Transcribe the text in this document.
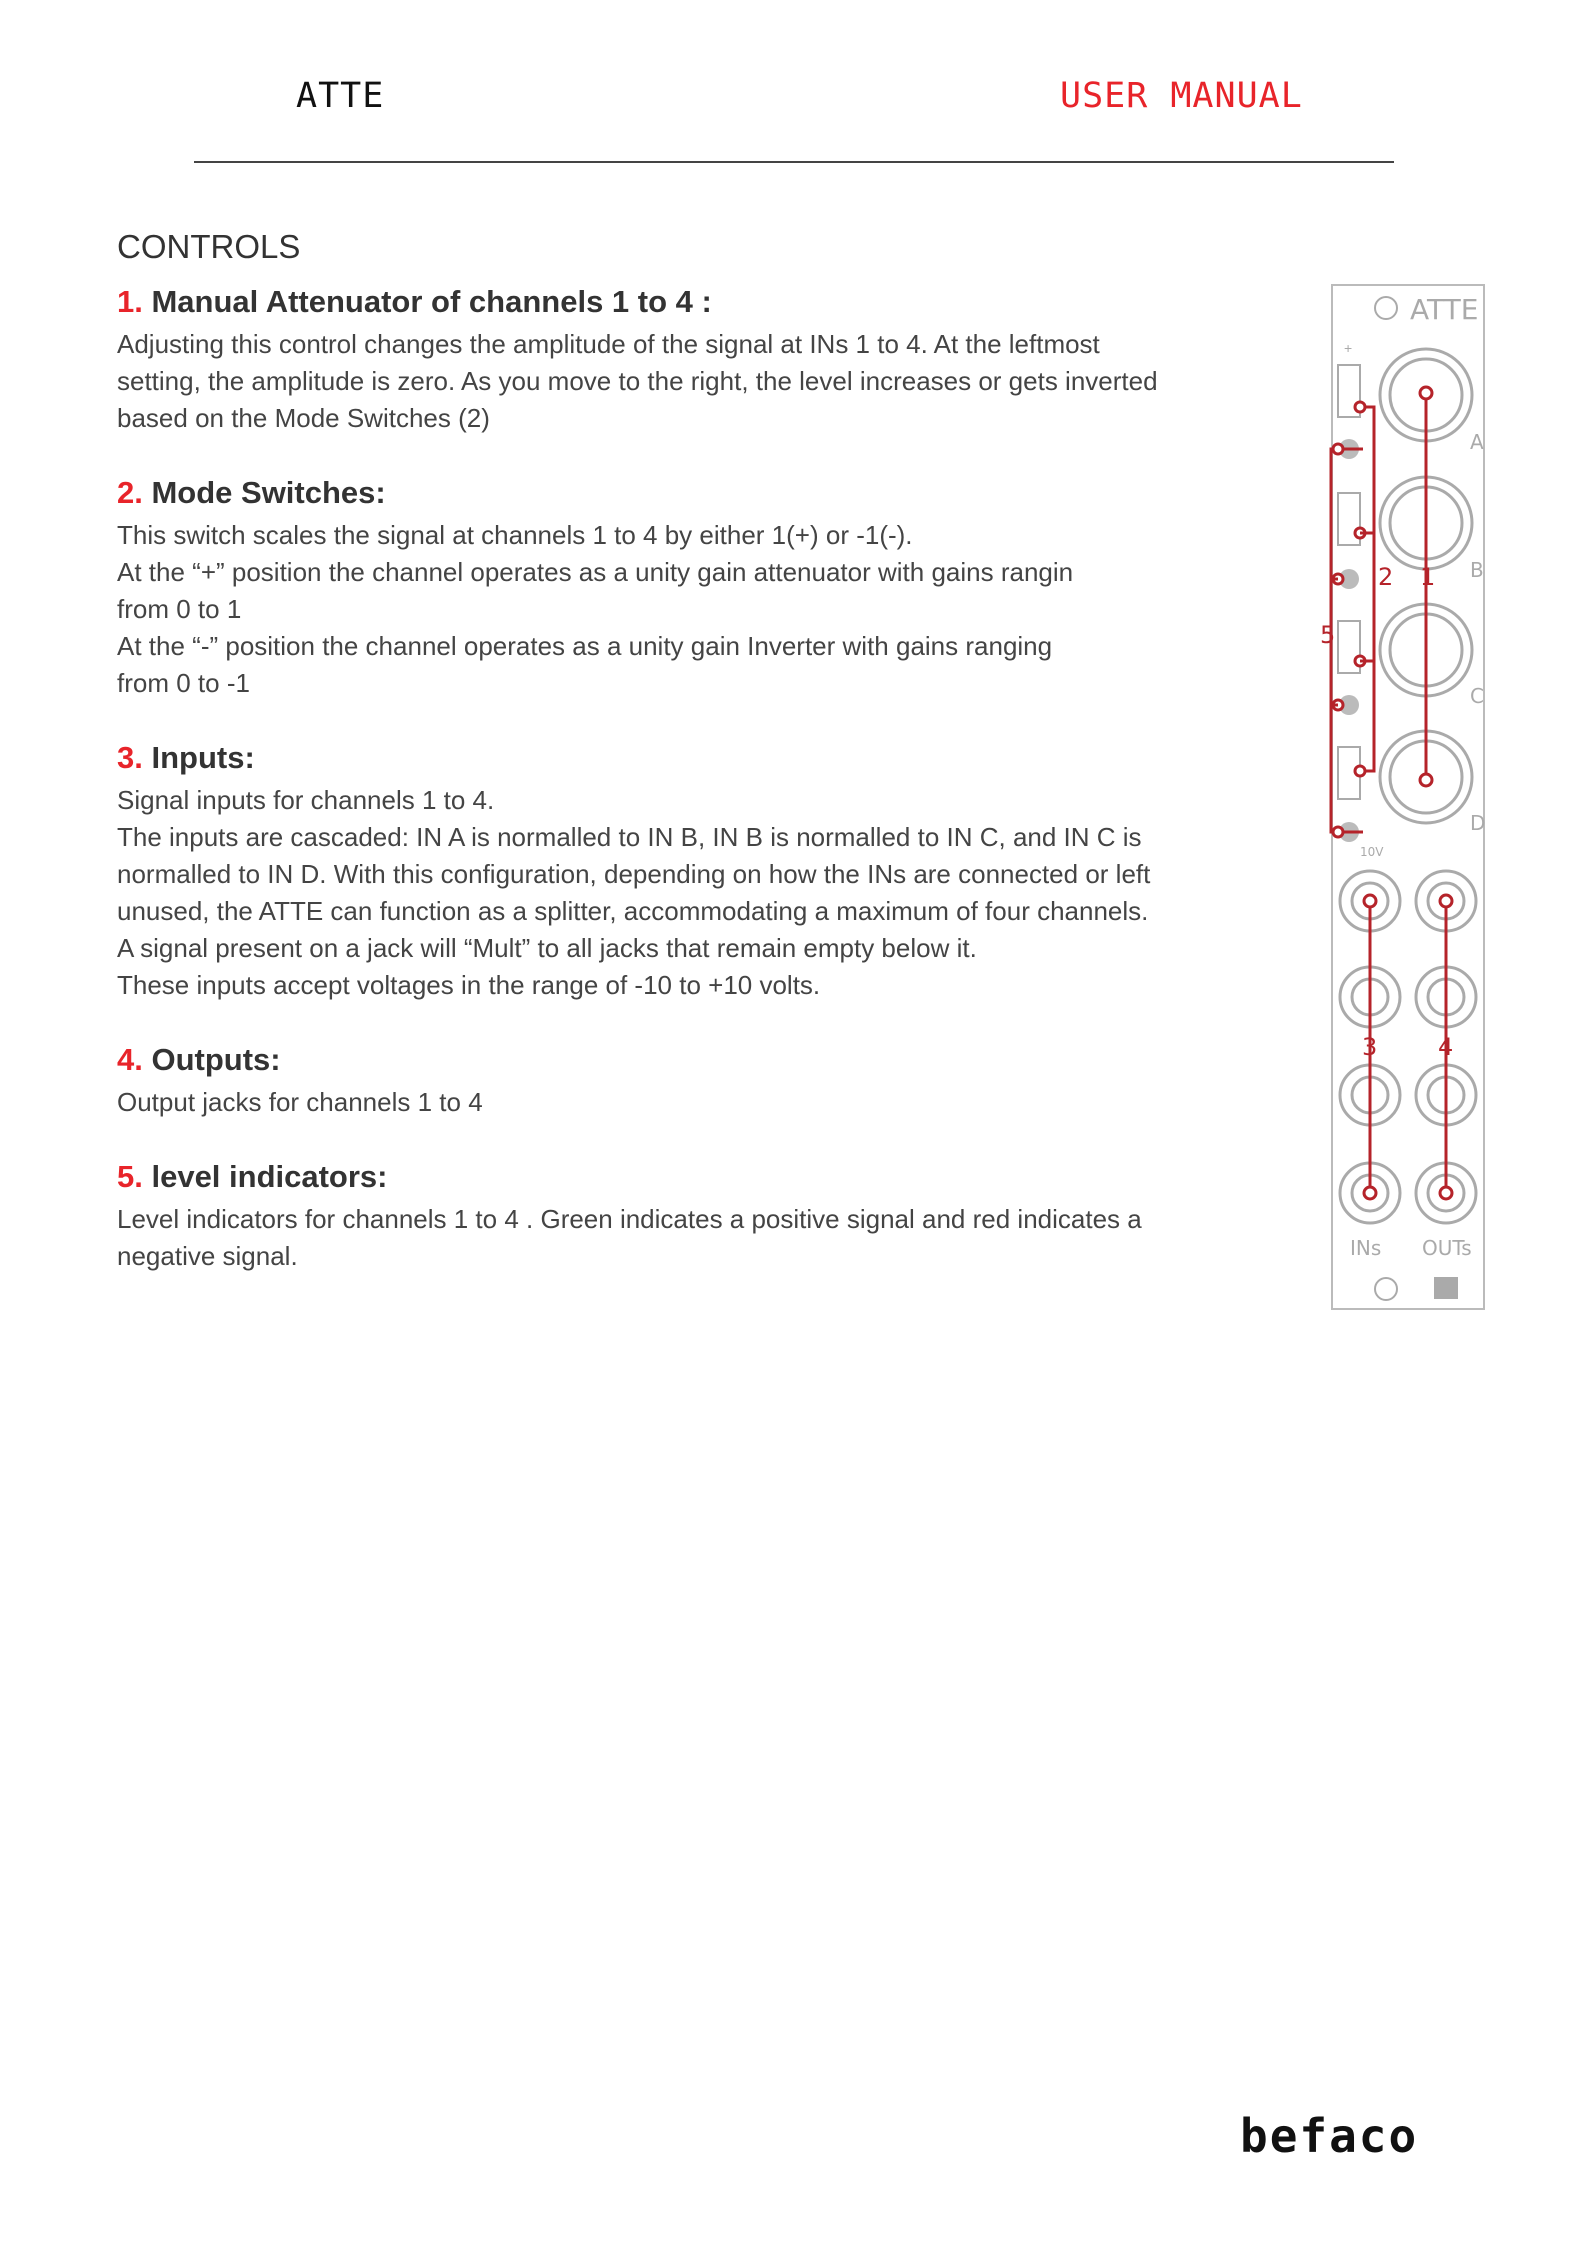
ATTE	USER MANUAL
CONTROLS
1. Manual Attenuator of channels 1 to 4 :
Adjusting this control changes the amplitude of the signal at INs 1 to 4. At the leftmost
setting, the amplitude is zero. As you move to the right, the level increases or gets inverted
based on the Mode Switches (2)
2. Mode Switches:
This switch scales the signal at channels 1 to 4 by either 1(+) or -1(-).
At the “+” position the channel operates as a unity gain attenuator with gains rangin
from 0 to 1
At the “-” position the channel operates as a unity gain Inverter with gains ranging
from 0 to -1
3. Inputs:
Signal inputs for channels 1 to 4.
The inputs are cascaded: IN A is normalled to IN B, IN B is normalled to IN C, and IN C is
normalled to IN D. With this configuration, depending on how the INs are connected or left
unused, the ATTE can function as a splitter, accommodating a maximum of four channels.
A signal present on a jack will “Mult” to all jacks that remain empty below it.
These inputs accept voltages in the range of -10 to +10 volts.
4. Outputs:
Output jacks for channels 1 to 4
5. level indicators:
Level indicators for channels 1 to 4 . Green indicates a positive signal and red indicates a
negative signal.
ATTE
+
A
B
C
D
10V
INs OUTs
1
2
3	4
5
befaco
